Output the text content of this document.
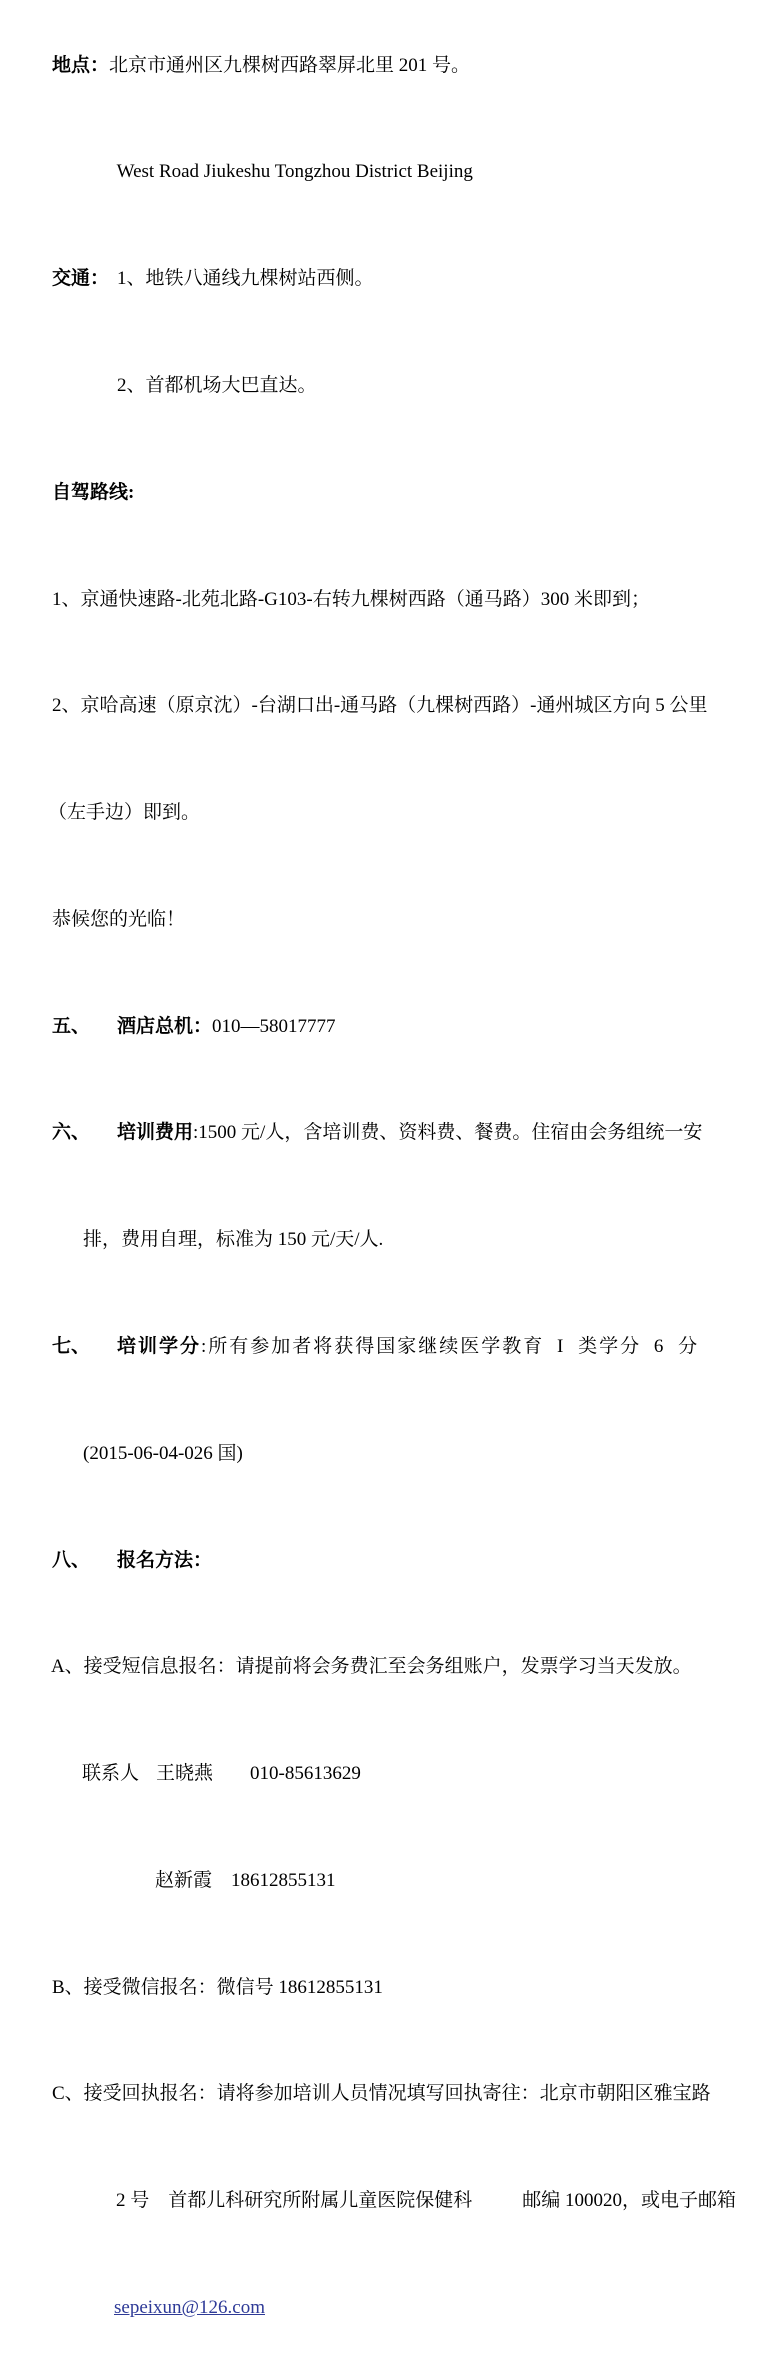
地点：北京市通州区九棵树西路翠屏北里 201 号。

West Road Jiukeshu Tongzhou District Beijing

交通： 1、地铁八通线九棵树站西侧。

2、首都机场大巴直达。

自驾路线:

1、京通快速路-北苑北路-G103-右转九棵树西路（通马路）300 米即到；

2、京哈高速（原京沈）-台湖口出-通马路（九棵树西路）-通州城区方向 5 公里

（左手边）即到。

恭候您的光临！

五、 酒店总机：010—58017777

六、 培训费用:1500 元/人，含培训费、资料费、餐费。住宿由会务组统一安

排，费用自理，标准为 150 元/天/人.

七、 培训学分:所有参加者将获得国家继续医学教育 I 类学分 6 分

(2015-06-04-026 国)

八、 报名方法：

A、接受短信息报名：请提前将会务费汇至会务组账户，发票学习当天发放。

联系人 王晓燕 010-85613629

赵新霞 18612855131

B、接受微信报名：微信号 18612855131

C、接受回执报名：请将参加培训人员情况填写回执寄往：北京市朝阳区雅宝路

2 号　首都儿科研究所附属儿童医院保健科	邮编 100020，或电子邮箱

sepeixun@126.com
